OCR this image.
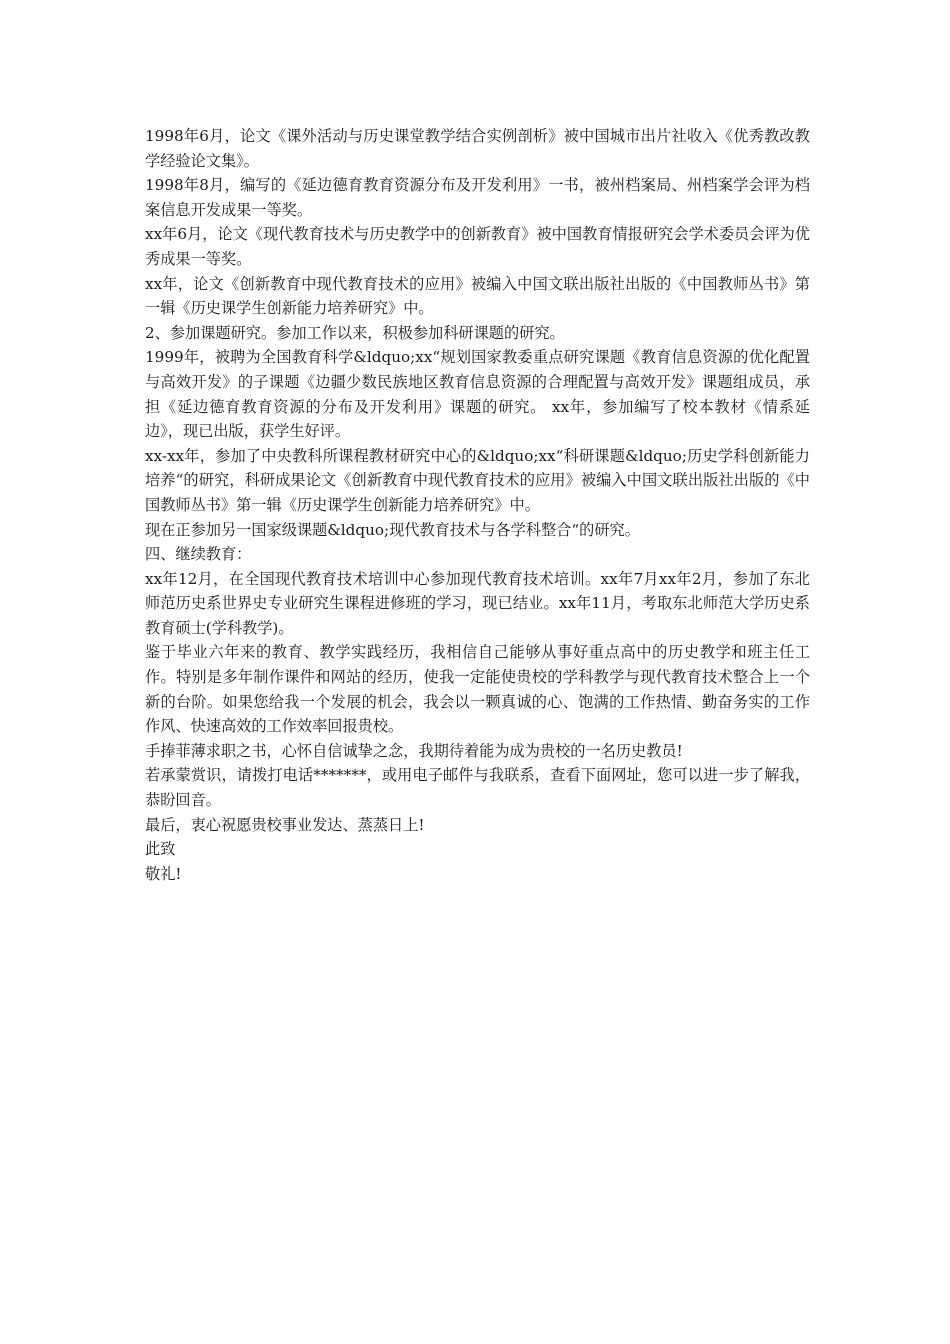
1998年6月，论文《课外活动与历史课堂教学结合实例剖析》被中国城市出片社收入《优秀教改教学经验论文集》。

1998年8月，编写的《延边德育教育资源分布及开发利用》一书，被州档案局、州档案学会评为档案信息开发成果一等奖。

xx年6月，论文《现代教育技术与历史教学中的创新教育》被中国教育情报研究会学术委员会评为优秀成果一等奖。

xx年，论文《创新教育中现代教育技术的应用》被编入中国文联出版社出版的《中国教师丛书》第一辑《历史课学生创新能力培养研究》中。

2、参加课题研究。参加工作以来，积极参加科研课题的研究。

1999年，被聘为全国教育科学&ldquo;xx“规划国家教委重点研究课题《教育信息资源的优化配置与高效开发》的子课题《边疆少数民族地区教育信息资源的合理配置与高效开发》课题组成员，承担《延边德育教育资源的分布及开发利用》课题的研究。 xx年，参加编写了校本教材《情系延边》，现已出版，获学生好评。

xx-xx年，参加了中央教科所课程教材研究中心的&ldquo;xx“科研课题&ldquo;历史学科创新能力培养“的研究，科研成果论文《创新教育中现代教育技术的应用》被编入中国文联出版社出版的《中国教师丛书》第一辑《历史课学生创新能力培养研究》中。

现在正参加另一国家级课题&ldquo;现代教育技术与各学科整合“的研究。

四、继续教育：

xx年12月，在全国现代教育技术培训中心参加现代教育技术培训。xx年7月xx年2月，参加了东北师范历史系世界史专业研究生课程进修班的学习，现已结业。xx年11月，考取东北师范大学历史系教育硕士(学科教学)。

鉴于毕业六年来的教育、教学实践经历，我相信自己能够从事好重点高中的历史教学和班主任工作。特别是多年制作课件和网站的经历，使我一定能使贵校的学科教学与现代教育技术整合上一个新的台阶。如果您给我一个发展的机会，我会以一颗真诚的心、饱满的工作热情、勤奋务实的工作作风、快速高效的工作效率回报贵校。

手捧菲薄求职之书，心怀自信诚挚之念，我期待着能为成为贵校的一名历史教员!

若承蒙赏识，请拨打电话*******，或用电子邮件与我联系，查看下面网址，您可以进一步了解我，恭盼回音。

最后，衷心祝愿贵校事业发达、蒸蒸日上!

此致

敬礼!
